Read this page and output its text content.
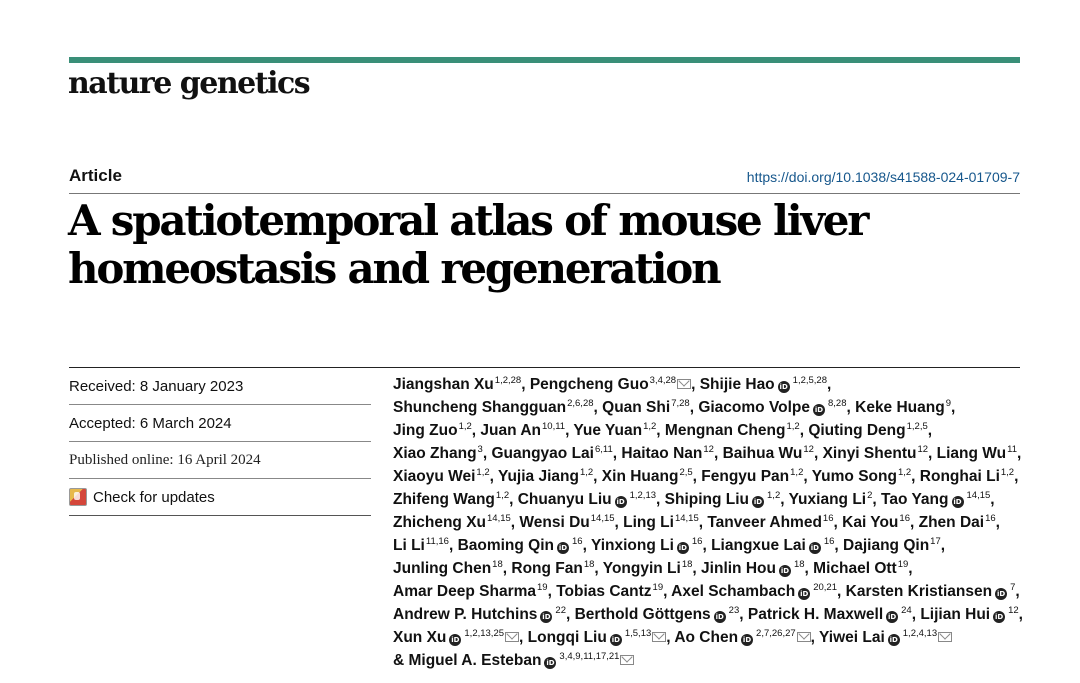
nature genetics
Article	https://doi.org/10.1038/s41588-024-01709-7
A spatiotemporal atlas of mouse liver homeostasis and regeneration
Received: 8 January 2023
Accepted: 6 March 2024
Published online: 16 April 2024
Check for updates
Jiangshan Xu$^{1,2,28}$, Pengcheng Guo$^{3,4,28}$ , Shijie Hao iD$^{1,2,5,28}$, Shuncheng Shangguan$^{2,6,28}$, Quan Shi$^{7,28}$, Giacomo Volpe iD$^{8,28}$, Keke Huang$^9$, Jing Zuo$^{1,2}$, Juan An$^{10,11}$, Yue Yuan$^{1,2}$, Mengnan Cheng$^{1,2}$, Qiuting Deng$^{1,2,5}$, Xiao Zhang$^3$, Guangyao Lai$^{6,11}$, Haitao Nan$^{12}$, Baihua Wu$^{12}$, Xinyi Shentu$^{12}$, Liang Wu$^{11}$, Xiaoyu Wei$^{1,2}$, Yujia Jiang$^{1,2}$, Xin Huang$^{2,5}$, Fengyu Pan$^{1,2}$, Yumo Song$^{1,2}$, Ronghai Li$^{1,2}$, Zhifeng Wang$^{1,2}$, Chuanyu Liu iD$^{1,2,13}$, Shiping Liu iD$^{1,2}$, Yuxiang Li$^2$, Tao Yang iD$^{14,15}$, Zhicheng Xu$^{14,15}$, Wensi Du$^{14,15}$, Ling Li$^{14,15}$, Tanveer Ahmed$^{16}$, Kai You$^{16}$, Zhen Dai$^{16}$, Li Li$^{11,16}$, Baoming Qin $iD^{16}$, Yinxiong Li $iD^{16}$, Liangxue Lai $iD^{16}$, Dajiang Qin$^{17}$, Junling Chen$^{18}$, Rong Fan$^{18}$, Yongyin Li$^{18}$, Jinlin Hou $iD^{18}$, Michael Ott$^{19}$, Amar Deep Sharma$^{19}$, Tobias Cantz$^{19}$, Axel Schambach iD$^{20,21}$, Karsten Kristiansen $iD^7$, Andrew P. Hutchins $iD^{22}$, Berthold Göttgens $iD^{23}$, Patrick H. Maxwell $iD^{24}$, Lijian Hui $iD^{12}$, Xun Xu iD$^{1,2,13,25}$ , Longqi Liu iD$^{1,5,13}$ , Ao Chen iD$^{2,7,26,27}$ , Yiwei Lai iD$^{1,2,4,13}$ & Miguel A. Esteban iD$^{3,4,9,11,17,21}$
